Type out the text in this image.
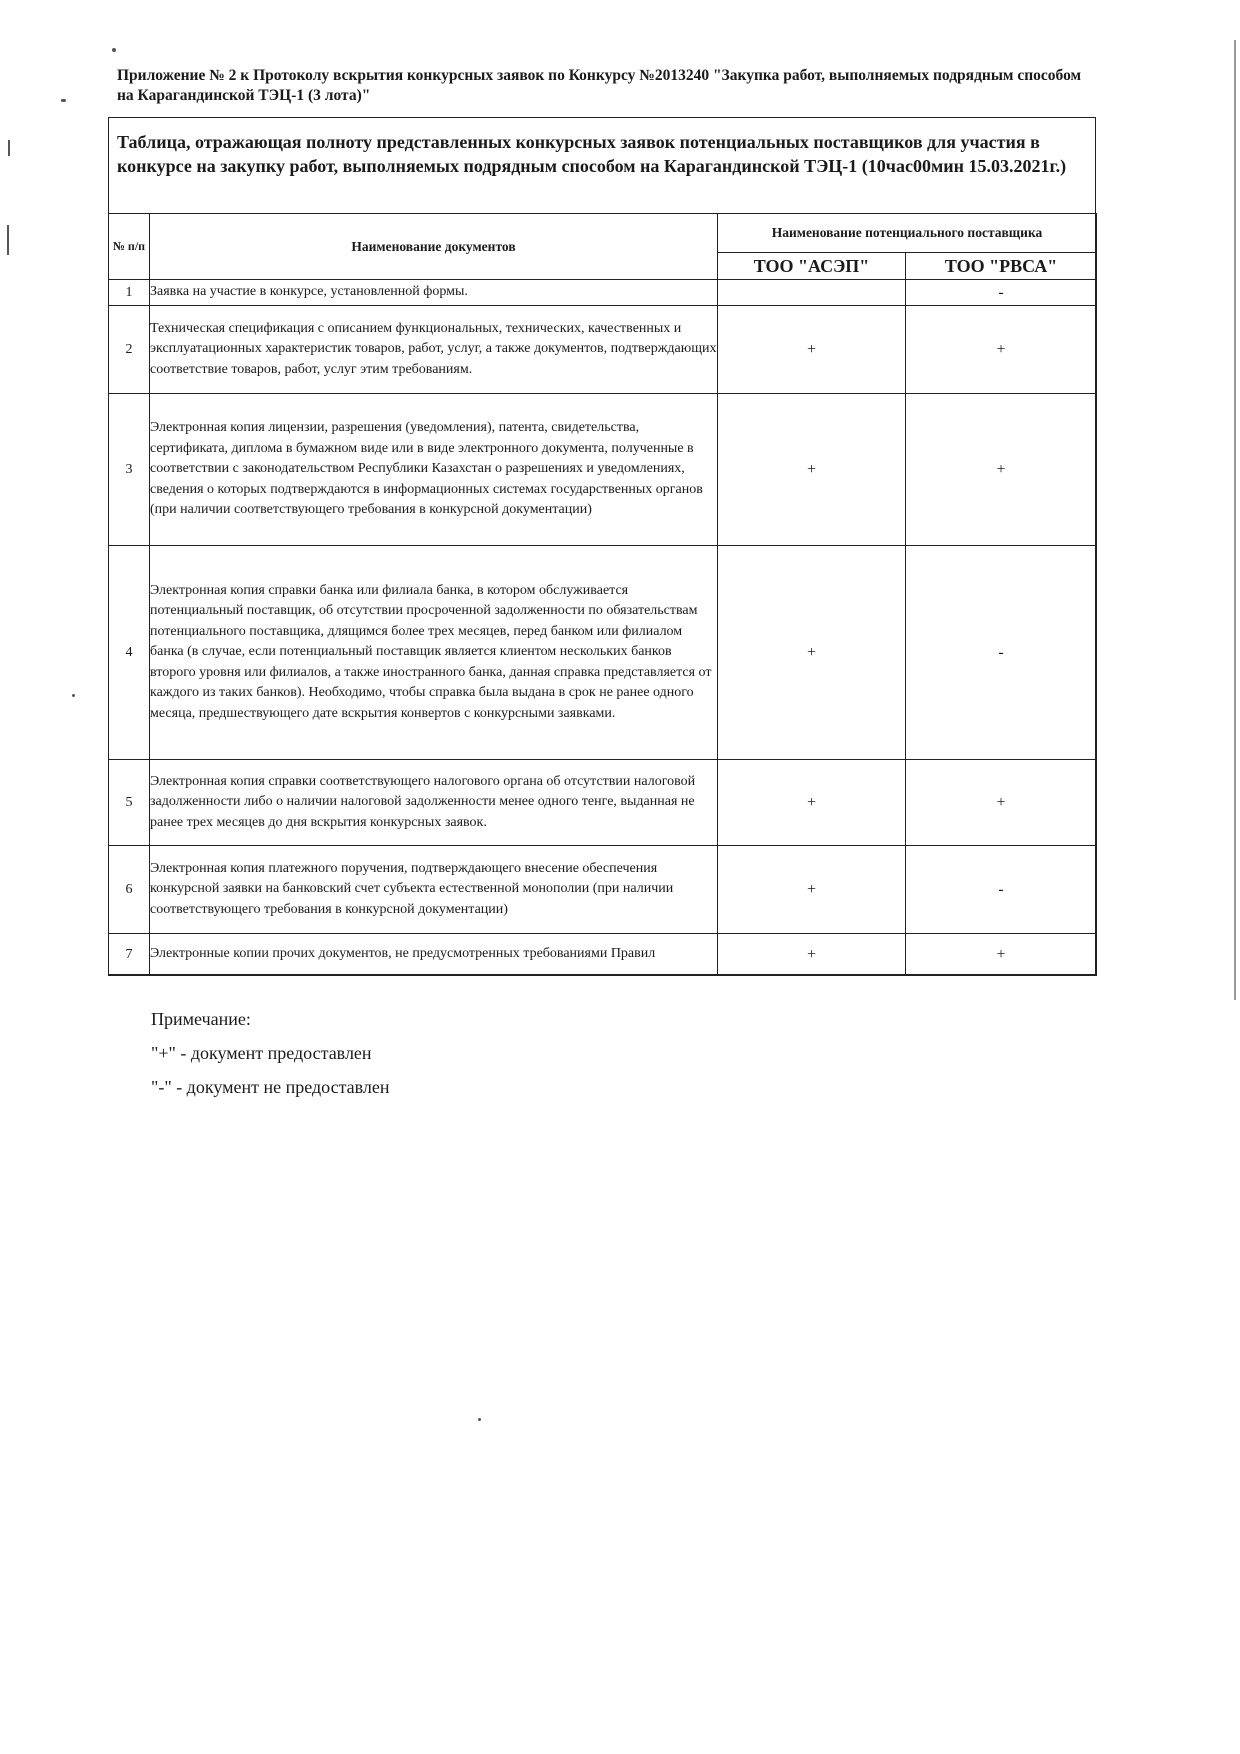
Приложение № 2 к Протоколу вскрытия конкурсных заявок по Конкурсу №2013240 "Закупка работ, выполняемых подрядным способом на Карагандинской ТЭЦ-1 (3 лота)"
Таблица, отражающая полноту представленных конкурсных заявок потенциальных поставщиков для участия в конкурсе на закупку работ, выполняемых подрядным способом на Карагандинской ТЭЦ-1 (10час00мин 15.03.2021г.)
№ п/п	Наименование документов	Наименование потенциального поставщика	
		ТОО "АСЭП"	ТОО "РВСА"
1	Заявка на участие в конкурсе, установленной формы.		-
2	Техническая спецификация с описанием функциональных, технических, качественных и эксплуатационных характеристик товаров, работ, услуг, а также документов, подтверждающих соответствие товаров, работ, услуг этим требованиям.	+	+
3	Электронная копия лицензии, разрешения (уведомления), патента, свидетельства, сертификата, диплома в бумажном виде или в виде электронного документа, полученные в соответствии с законодательством Республики Казахстан о разрешениях и уведомлениях, сведения о которых подтверждаются в информационных системах государственных органов (при наличии соответствующего требования в конкурсной документации)	+	+
4	Электронная копия справки банка или филиала банка, в котором обслуживается потенциальный поставщик, об отсутствии просроченной задолженности по обязательствам потенциального поставщика, длящимся более трех месяцев, перед банком или филиалом банка (в случае, если потенциальный поставщик является клиентом нескольких банков второго уровня или филиалов, а также иностранного банка, данная справка представляется от каждого из таких банков). Необходимо, чтобы справка была выдана в срок не ранее одного месяца, предшествующего дате вскрытия конвертов с конкурсными заявками.	+	-
5	Электронная копия справки соответствующего налогового органа об отсутствии налоговой задолженности либо о наличии налоговой задолженности менее одного тенге, выданная не ранее трех месяцев до дня вскрытия конкурсных заявок.	+	+
6	Электронная копия платежного поручения, подтверждающего внесение обеспечения конкурсной заявки на банковский счет субъекта естественной монополии (при наличии соответствующего требования в конкурсной документации)	+	-
7	Электронные копии прочих документов, не предусмотренных требованиями Правил	+	+
Примечание:
"+" - документ предоставлен
"-" - документ не предоставлен
